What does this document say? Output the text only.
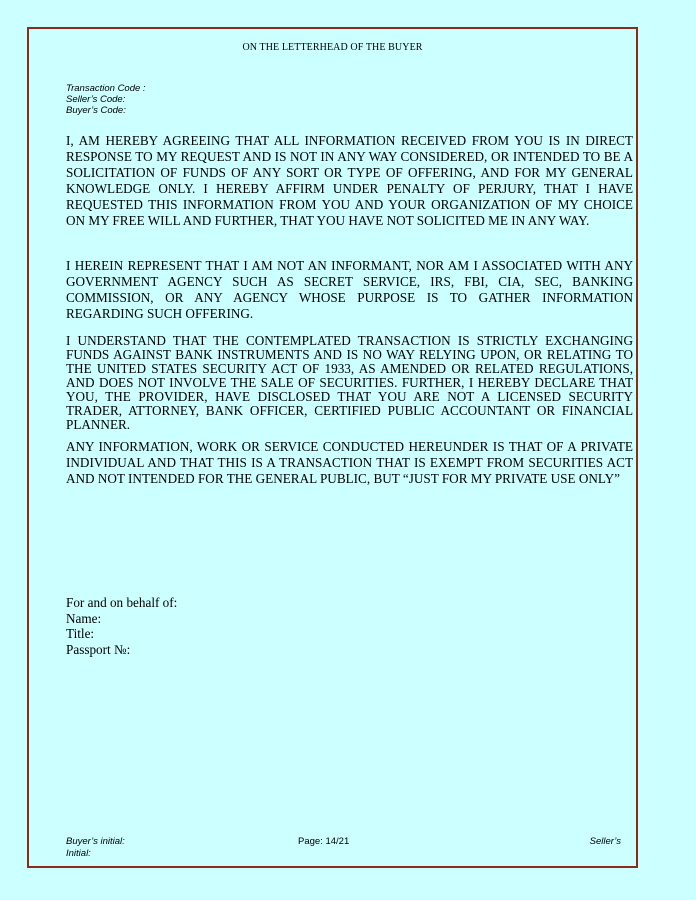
ON THE LETTERHEAD OF THE BUYER
Transaction Code :
Seller’s Code:
Buyer’s Code:

I, AM HEREBY AGREEING THAT ALL INFORMATION RECEIVED FROM YOU IS IN DIRECT RESPONSE TO MY REQUEST AND IS NOT IN ANY WAY CONSIDERED, OR INTENDED TO BE A SOLICITATION OF FUNDS OF ANY SORT OR TYPE OF OFFERING, AND FOR MY GENERAL KNOWLEDGE ONLY. I HEREBY AFFIRM UNDER PENALTY OF PERJURY, THAT I HAVE REQUESTED THIS INFORMATION FROM YOU AND YOUR ORGANIZATION OF MY CHOICE ON MY FREE WILL AND FURTHER, THAT YOU HAVE NOT SOLICITED ME IN ANY WAY.

I HEREIN REPRESENT THAT I AM NOT AN INFORMANT, NOR AM I ASSOCIATED WITH ANY GOVERNMENT AGENCY SUCH AS SECRET SERVICE, IRS, FBI, CIA, SEC, BANKING COMMISSION, OR ANY AGENCY WHOSE PURPOSE IS TO GATHER INFORMATION REGARDING SUCH OFFERING.

I UNDERSTAND THAT THE CONTEMPLATED TRANSACTION IS STRICTLY EXCHANGING FUNDS AGAINST BANK INSTRUMENTS AND IS NO WAY RELYING UPON, OR RELATING TO THE UNITED STATES SECURITY ACT OF 1933, AS AMENDED OR RELATED REGULATIONS, AND DOES NOT INVOLVE THE SALE OF SECURITIES. FURTHER, I HEREBY DECLARE THAT YOU, THE PROVIDER, HAVE DISCLOSED THAT YOU ARE NOT A LICENSED SECURITY TRADER, ATTORNEY, BANK OFFICER, CERTIFIED PUBLIC ACCOUNTANT OR FINANCIAL PLANNER.

ANY INFORMATION, WORK OR SERVICE CONDUCTED HEREUNDER IS THAT OF A PRIVATE INDIVIDUAL AND THAT THIS IS A TRANSACTION THAT IS EXEMPT FROM SECURITIES ACT AND NOT INTENDED FOR THE GENERAL PUBLIC, BUT “JUST FOR MY PRIVATE USE ONLY”

For and on behalf of:
Name:
Title:
Passport №:
Buyer’s initial:	Page: 14/21	Seller’s
Initial:
